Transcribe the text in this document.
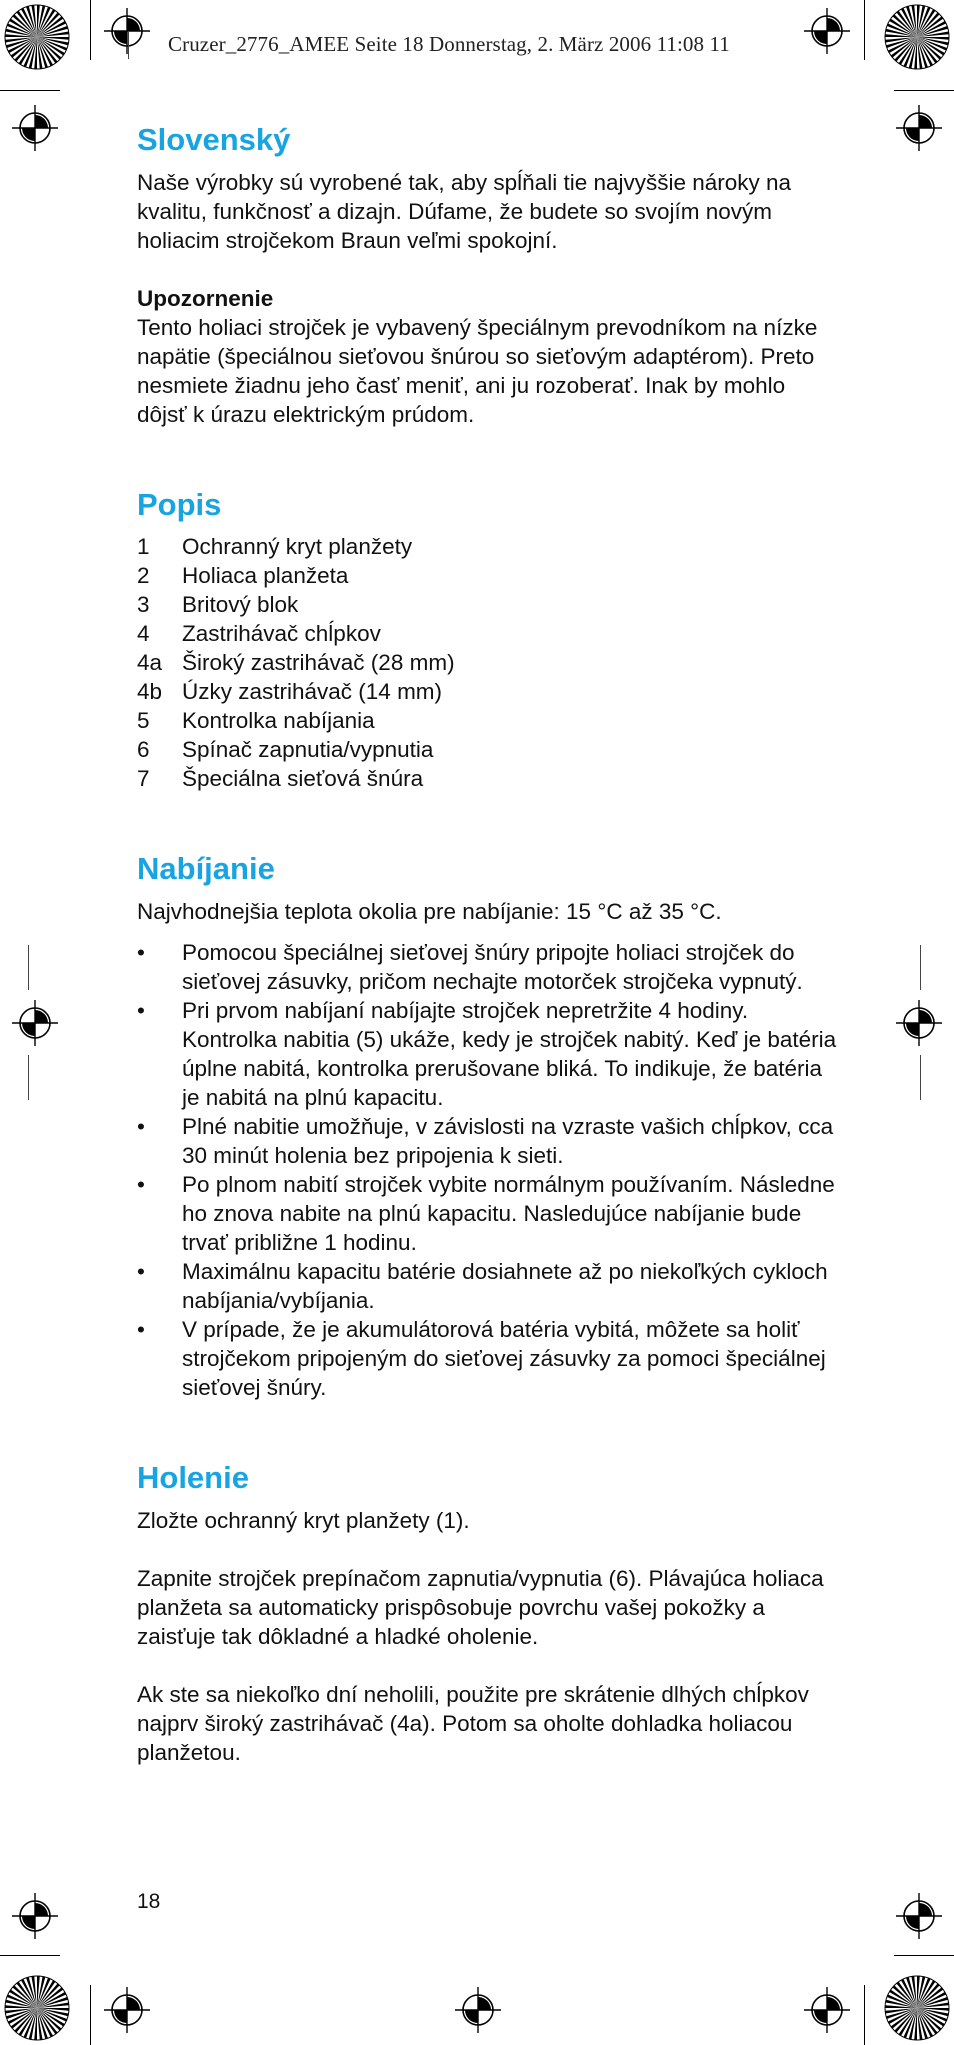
Cruzer_2776_AMEE Seite 18 Donnerstag, 2. März 2006 11:08 11
Slovenský

Naše výrobky sú vyrobené tak, aby spĺňali tie najvyššie nároky na kvalitu, funkčnosť a dizajn. Dúfame, že budete so svojím novým holiacim strojčekom Braun veľmi spokojní.

Upozornenie

Tento holiaci strojček je vybavený špeciálnym prevodníkom na nízke napätie (špeciálnou sieťovou šnúrou so sieťovým adaptérom). Preto nesmiete žiadnu jeho časť meniť, ani ju rozoberať. Inak by mohlo dôjsť k úrazu elektrickým prúdom.

Popis
1	Ochranný kryt planžety
2	Holiaca planžeta
3	Britový blok
4	Zastrihávač chĺpkov
4a Široký zastrihávač (28 mm)
4b Úzky zastrihávač (14 mm)
5	Kontrolka nabíjania
6	Spínač zapnutia/vypnutia
7	Špeciálna sieťová šnúra
Nabíjanie

Najvhodnejšia teplota okolia pre nabíjanie: 15 °C až 35 °C.

•	Pomocou špeciálnej sieťovej šnúry pripojte holiaci strojček do sieťovej zásuvky, pričom nechajte motorček strojčeka vypnutý.
•	Pri prvom nabíjaní nabíjajte strojček nepretržite 4 hodiny. Kontrolka nabitia (5) ukáže, kedy je strojček nabitý. Keď je batéria úplne nabitá, kontrolka prerušovane bliká. To indikuje, že batéria je nabitá na plnú kapacitu.
•	Plné nabitie umožňuje, v závislosti na vzraste vašich chĺpkov, cca 30 minút holenia bez pripojenia k sieti.
•	Po plnom nabití strojček vybite normálnym používaním. Následne ho znova nabite na plnú kapacitu. Nasledujúce nabíjanie bude trvať približne 1 hodinu.
•	Maximálnu kapacitu batérie dosiahnete až po niekoľkých cykloch nabíjania/vybíjania.
•	V prípade, že je akumulátorová batéria vybitá, môžete sa holiť strojčekom pripojeným do sieťovej zásuvky za pomoci špeciálnej sieťovej šnúry.
Holenie

Zložte ochranný kryt planžety (1).

Zapnite strojček prepínačom zapnutia/vypnutia (6). Plávajúca holiaca planžeta sa automaticky prispôsobuje povrchu vašej pokožky a zaisťuje tak dôkladné a hladké oholenie.

Ak ste sa niekoľko dní neholili, použite pre skrátenie dlhých chĺpkov najprv široký zastrihávač (4a). Potom sa oholte dohladka holiacou planžetou.

18
